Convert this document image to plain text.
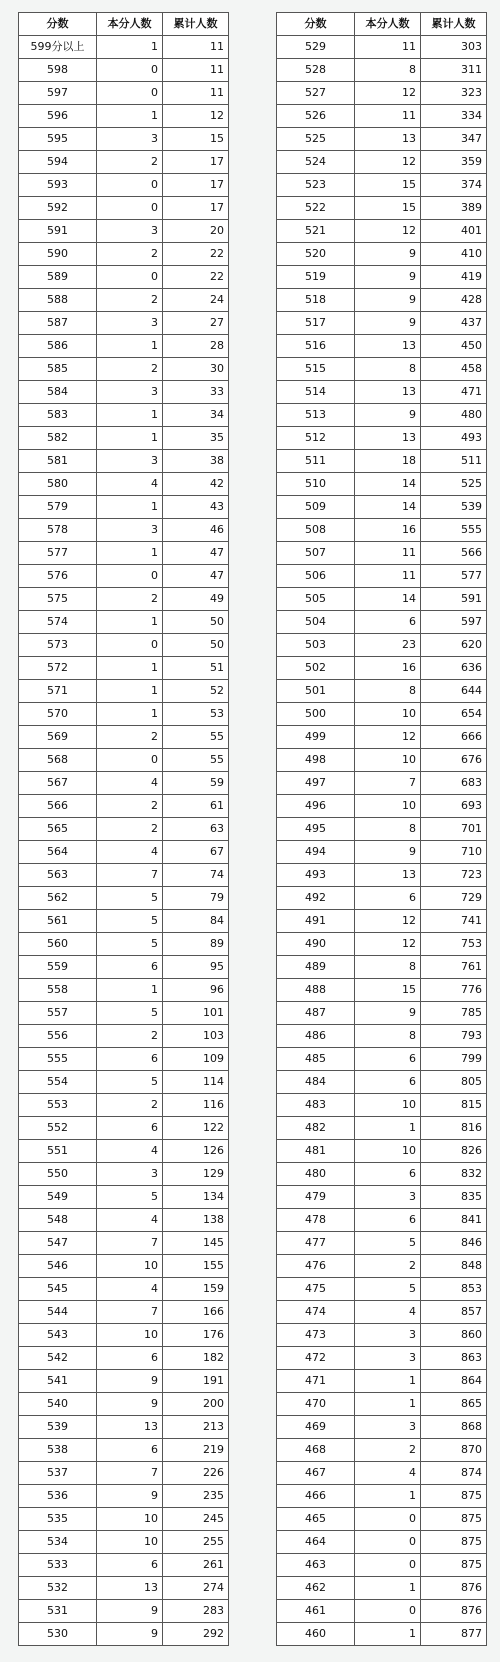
分数	本分人数	累计人数
599分以上	1	11
598	0	11
597	0	11
596	1	12
595	3	15
594	2	17
593	0	17
592	0	17
591	3	20
590	2	22
589	0	22
588	2	24
587	3	27
586	1	28
585	2	30
584	3	33
583	1	34
582	1	35
581	3	38
580	4	42
579	1	43
578	3	46
577	1	47
576	0	47
575	2	49
574	1	50
573	0	50
572	1	51
571	1	52
570	1	53
569	2	55
568	0	55
567	4	59
566	2	61
565	2	63
564	4	67
563	7	74
562	5	79
561	5	84
560	5	89
559	6	95
558	1	96
557	5	101
556	2	103
555	6	109
554	5	114
553	2	116
552	6	122
551	4	126
550	3	129
549	5	134
548	4	138
547	7	145
546	10	155
545	4	159
544	7	166
543	10	176
542	6	182
541	9	191
540	9	200
539	13	213
538	6	219
537	7	226
536	9	235
535	10	245
534	10	255
533	6	261
532	13	274
531	9	283
530	9	292
分数	本分人数	累计人数
529	11	303
528	8	311
527	12	323
526	11	334
525	13	347
524	12	359
523	15	374
522	15	389
521	12	401
520	9	410
519	9	419
518	9	428
517	9	437
516	13	450
515	8	458
514	13	471
513	9	480
512	13	493
511	18	511
510	14	525
509	14	539
508	16	555
507	11	566
506	11	577
505	14	591
504	6	597
503	23	620
502	16	636
501	8	644
500	10	654
499	12	666
498	10	676
497	7	683
496	10	693
495	8	701
494	9	710
493	13	723
492	6	729
491	12	741
490	12	753
489	8	761
488	15	776
487	9	785
486	8	793
485	6	799
484	6	805
483	10	815
482	1	816
481	10	826
480	6	832
479	3	835
478	6	841
477	5	846
476	2	848
475	5	853
474	4	857
473	3	860
472	3	863
471	1	864
470	1	865
469	3	868
468	2	870
467	4	874
466	1	875
465	0	875
464	0	875
463	0	875
462	1	876
461	0	876
460	1	877
